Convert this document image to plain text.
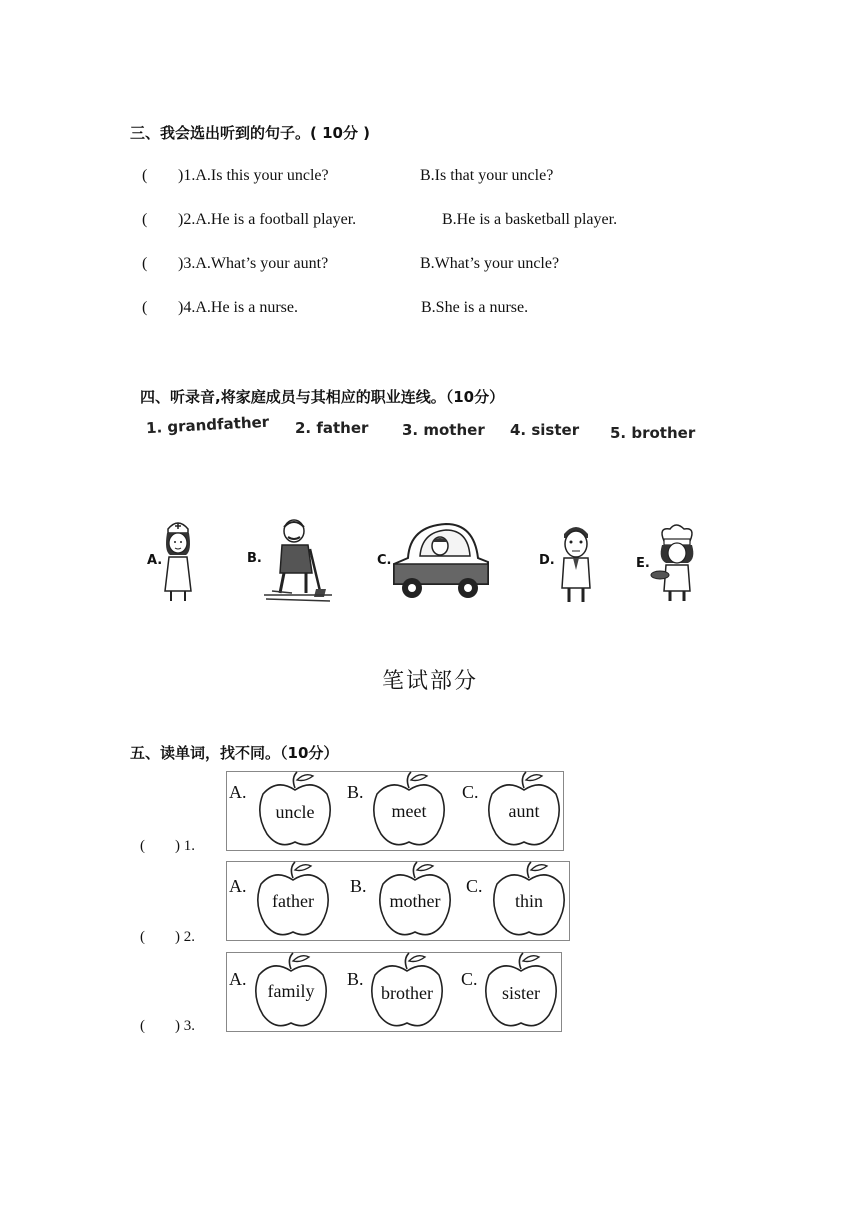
三、我会选出听到的句子。( 10分 )
( )1.A.Is this your uncle?	B.Is that your uncle?
( )2.A.He is a football player.	B.He is a basketball player.
( )3.A.What’s your aunt?	B.What’s your uncle?
( )4.A.He is a nurse.	B.She is a nurse.
四、听录音,将家庭成员与其相应的职业连线。（10分）
1. grandfather 2. father 3. mother 4. sister 5. brother
A.	B.	C.	D.	E.
笔试部分
五、读单词，找不同。（10分）
(　　) 1.
A.
uncle
B.
meet
C.
aunt
(　　) 2.
A.
father
B.
mother
C.
thin
(　　) 3.
A.
family
B.
brother
C.
sister
